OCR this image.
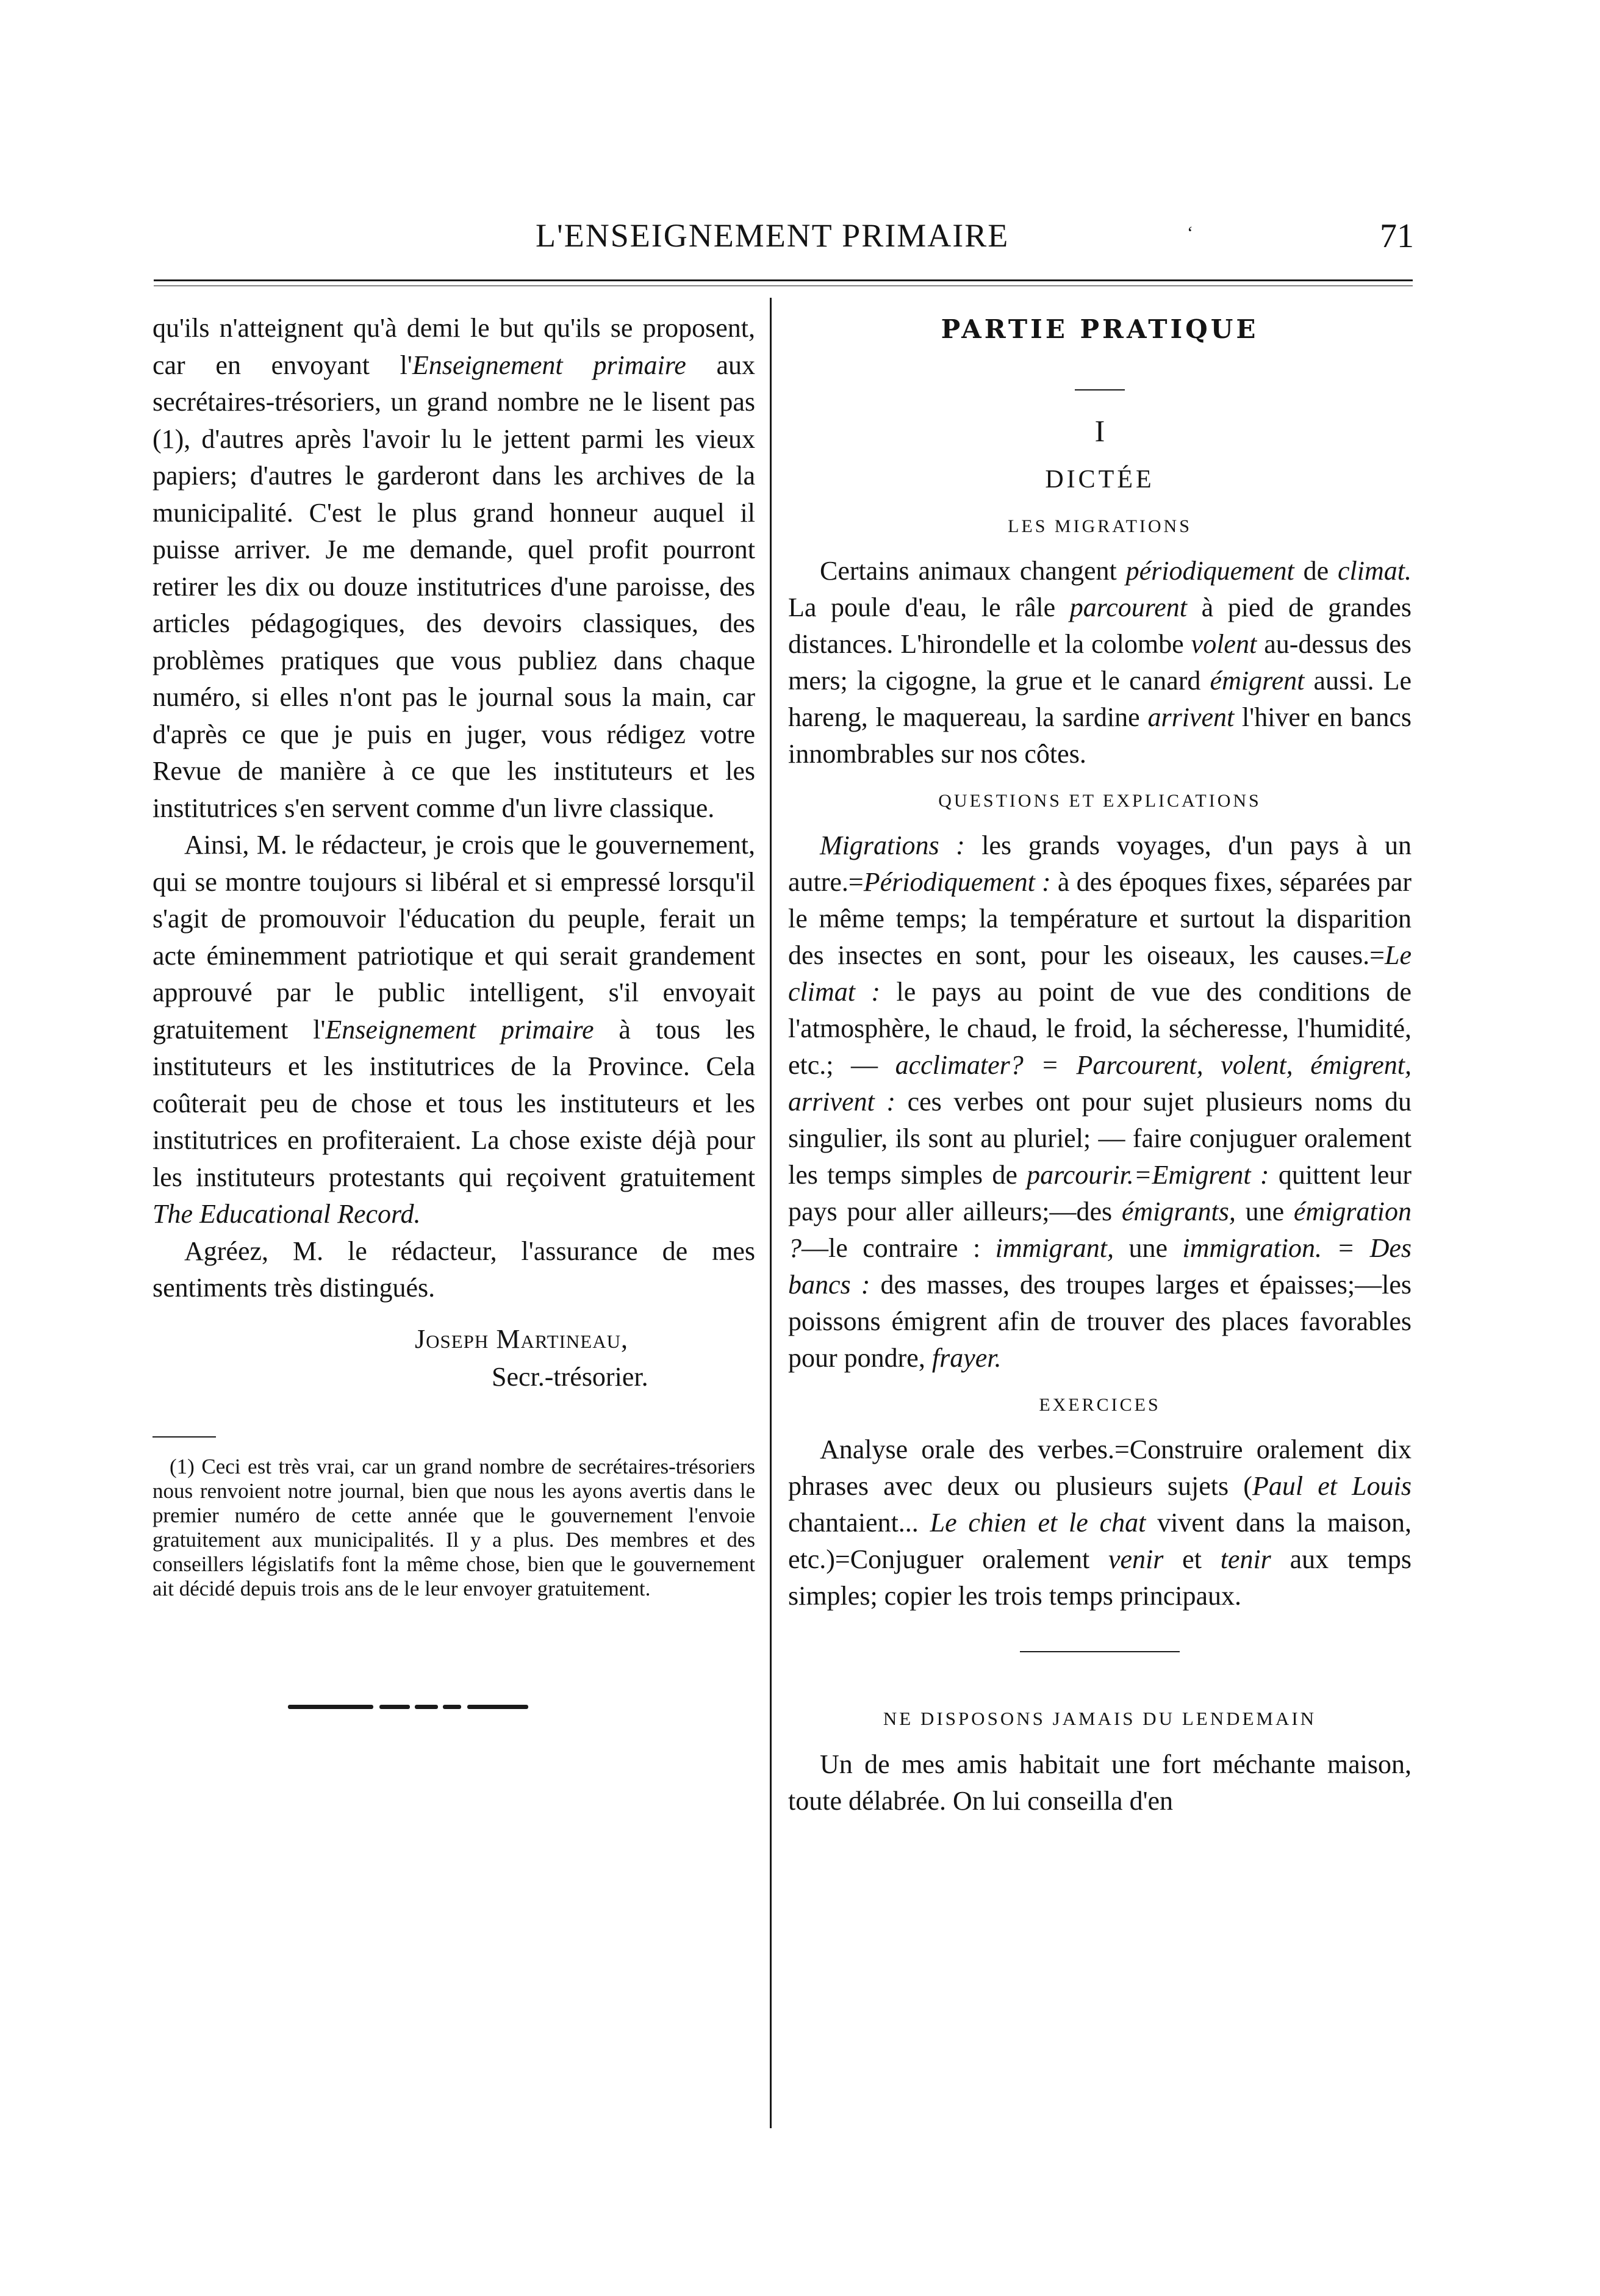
L'ENSEIGNEMENT PRIMAIRE	ʻ	71

qu'ils n'atteignent qu'à demi le but qu'ils se proposent, car en envoyant l'Enseignement primaire aux secrétaires-trésoriers, un grand nombre ne le lisent pas (1), d'autres après l'avoir lu le jettent parmi les vieux papiers; d'autres le garderont dans les archives de la municipalité. C'est le plus grand honneur auquel il puisse arriver. Je me demande, quel profit pourront retirer les dix ou douze institutrices d'une paroisse, des articles pédagogiques, des devoirs classiques, des problèmes pratiques que vous publiez dans chaque numéro, si elles n'ont pas le journal sous la main, car d'après ce que je puis en juger, vous rédigez votre Revue de manière à ce que les instituteurs et les institutrices s'en servent comme d'un livre classique.

Ainsi, M. le rédacteur, je crois que le gouvernement, qui se montre toujours si libéral et si empressé lorsqu'il s'agit de promouvoir l'éducation du peuple, ferait un acte éminemment patriotique et qui serait grandement approuvé par le public intelligent, s'il envoyait gratuitement l'Enseignement primaire à tous les instituteurs et les institutrices de la Province. Cela coûterait peu de chose et tous les instituteurs et les institutrices en profiteraient. La chose existe déjà pour les instituteurs protestants qui reçoivent gratuitement The Educational Record.

Agréez, M. le rédacteur, l'assurance de mes sentiments très distingués.

Joseph Martineau,
Secr.-trésorier.

(1) Ceci est très vrai, car un grand nombre de secrétaires-trésoriers nous renvoient notre journal, bien que nous les ayons avertis dans le premier numéro de cette année que le gouvernement l'envoie gratuitement aux municipalités. Il y a plus. Des membres et des conseillers législatifs font la même chose, bien que le gouvernement ait décidé depuis trois ans de le leur envoyer gratuitement.

PARTIE PRATIQUE

I

DICTÉE

LES MIGRATIONS

Certains animaux changent périodiquement de climat. La poule d'eau, le râle parcourent à pied de grandes distances. L'hirondelle et la colombe volent au-dessus des mers; la cigogne, la grue et le canard émigrent aussi. Le hareng, le maquereau, la sardine arrivent l'hiver en bancs innombrables sur nos côtes.

QUESTIONS ET EXPLICATIONS

Migrations : les grands voyages, d'un pays à un autre.=Périodiquement : à des époques fixes, séparées par le même temps; la température et surtout la disparition des insectes en sont, pour les oiseaux, les causes.=Le climat : le pays au point de vue des conditions de l'atmosphère, le chaud, le froid, la sécheresse, l'humidité, etc.; — acclimater? = Parcourent, volent, émigrent, arrivent : ces verbes ont pour sujet plusieurs noms du singulier, ils sont au pluriel; — faire conjuguer oralement les temps simples de parcourir.=Emigrent : quittent leur pays pour aller ailleurs;—des émigrants, une émigration ?—le contraire : immigrant, une immigration. = Des bancs : des masses, des troupes larges et épaisses;—les poissons émigrent afin de trouver des places favorables pour pondre, frayer.

EXERCICES

Analyse orale des verbes.=Construire oralement dix phrases avec deux ou plusieurs sujets (Paul et Louis chantaient... Le chien et le chat vivent dans la maison, etc.)=Conjuguer oralement venir et tenir aux temps simples; copier les trois temps principaux.

NE DISPOSONS JAMAIS DU LENDEMAIN

Un de mes amis habitait une fort méchante maison, toute délabrée. On lui conseilla d'en
